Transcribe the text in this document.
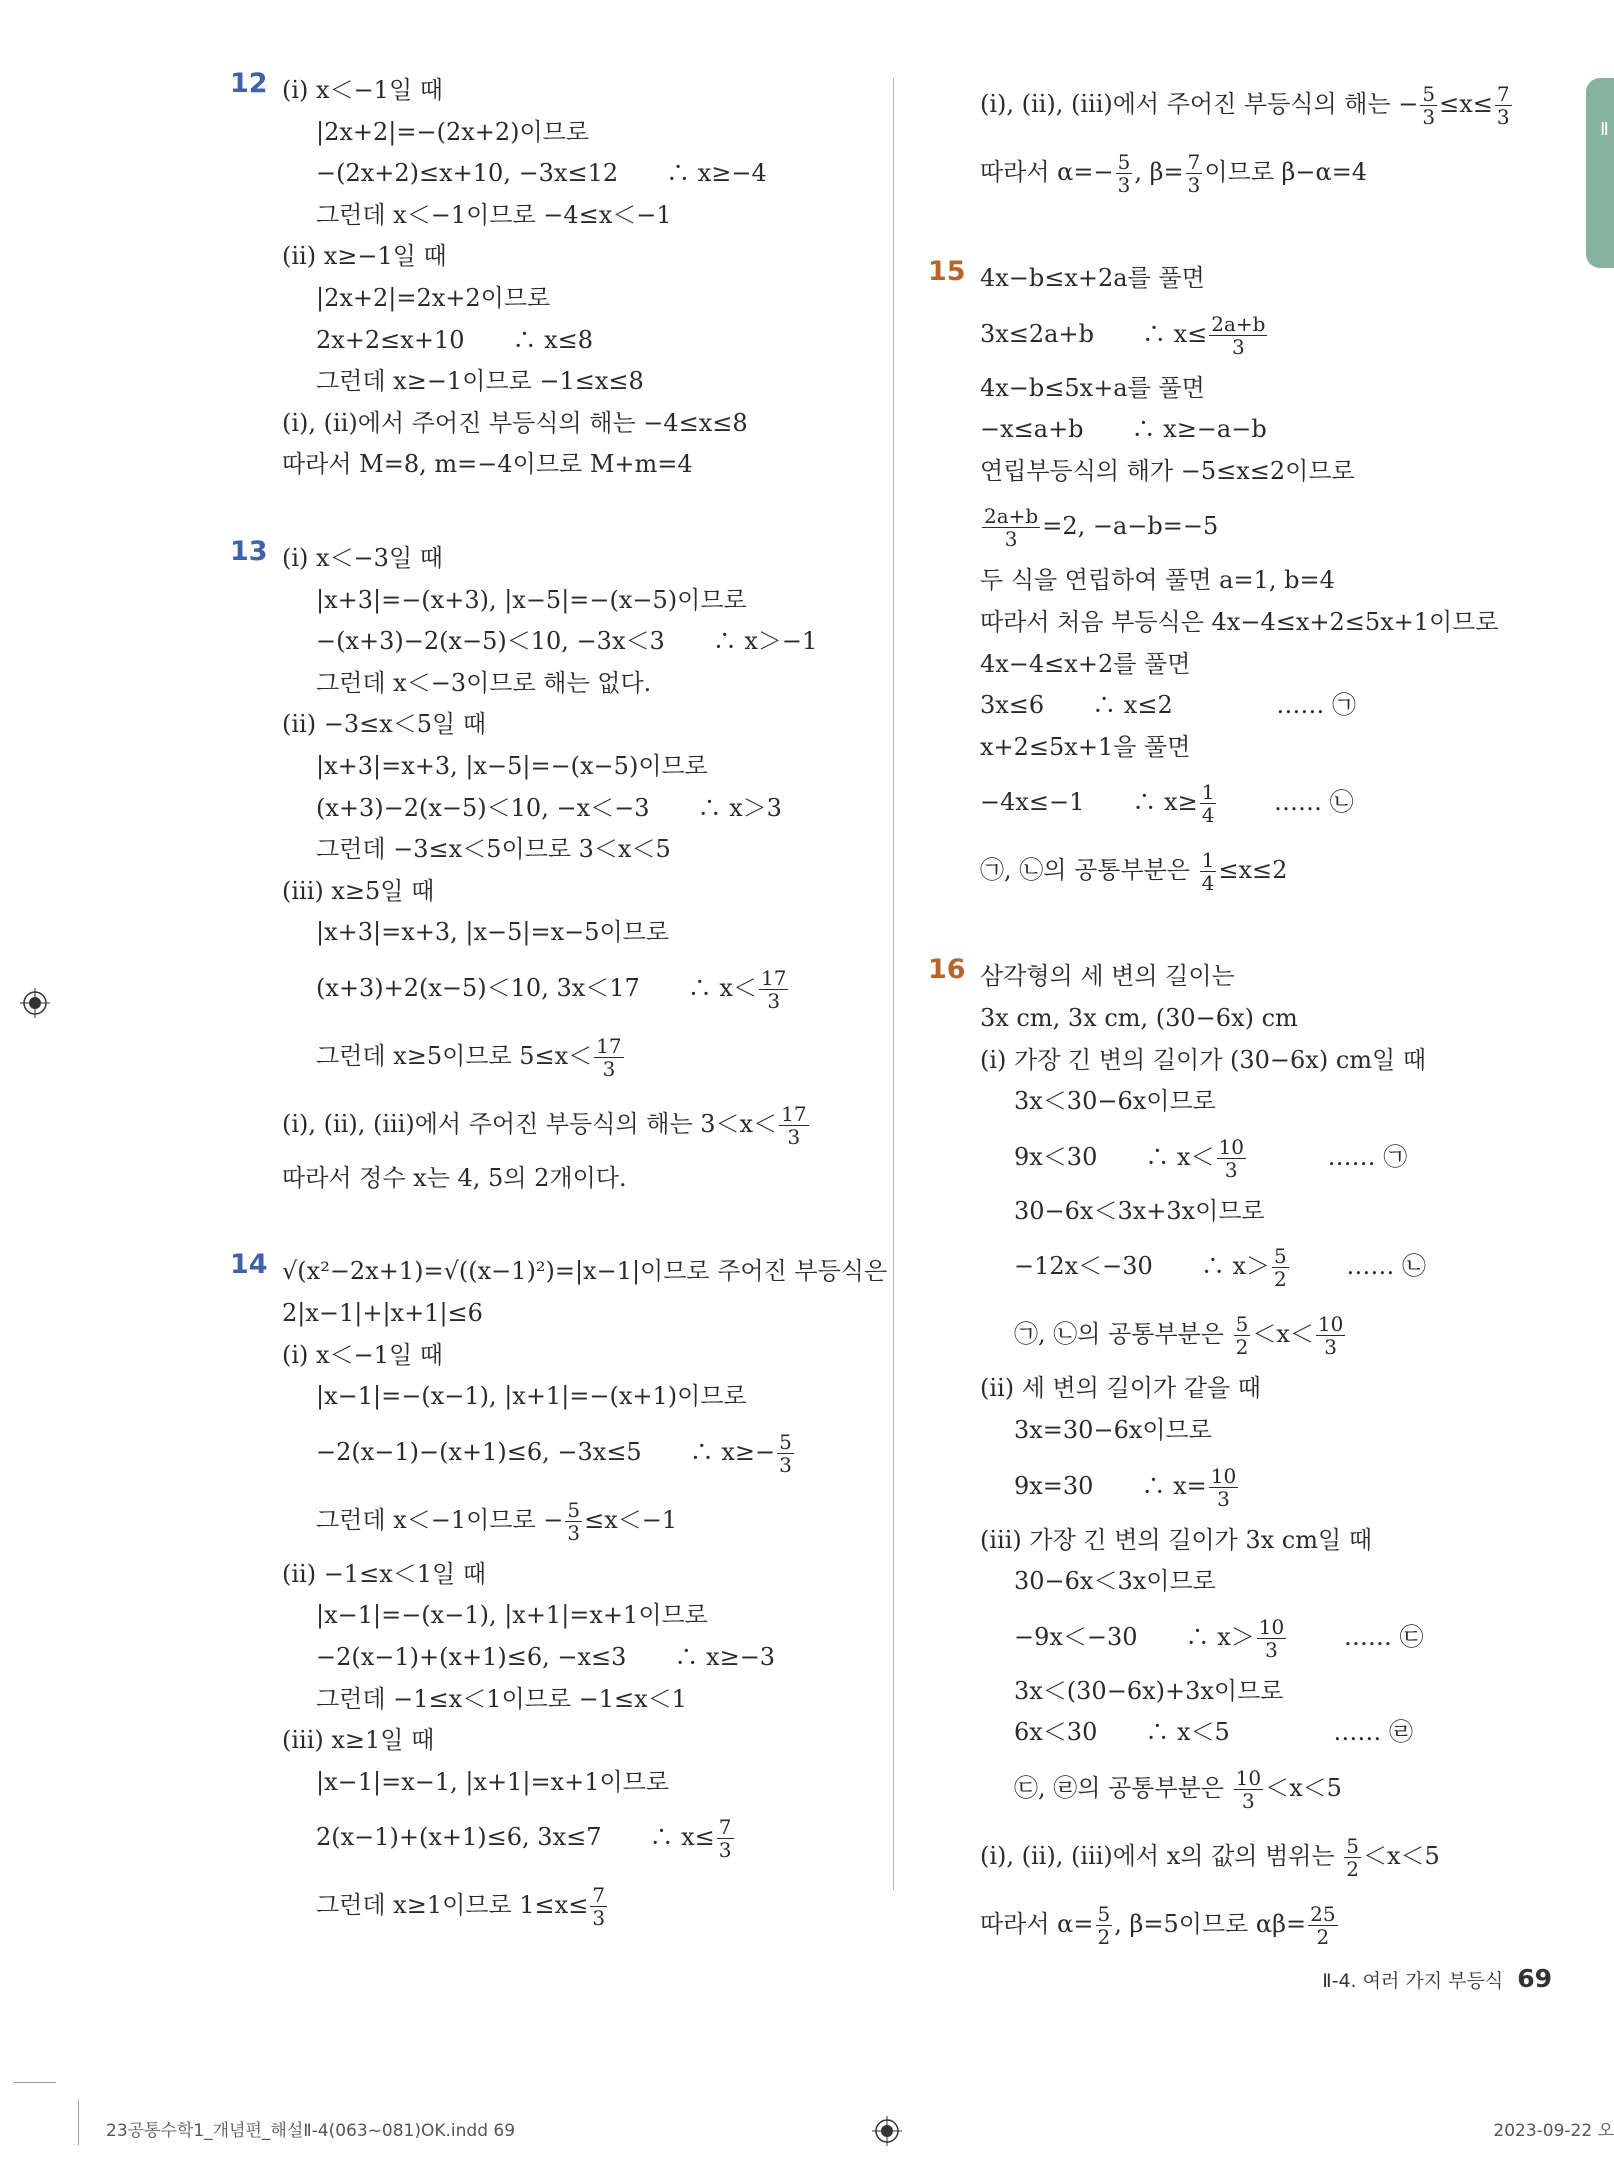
Ⅱ
12 (ⅰ) x＜−1일 때
|2x+2|=−(2x+2)이므로
−(2x+2)≤x+10, −3x≤12　　∴ x≥−4
그런데 x＜−1이므로 −4≤x＜−1
(ⅱ) x≥−1일 때
|2x+2|=2x+2이므로
2x+2≤x+10　　∴ x≤8
그런데 x≥−1이므로 −1≤x≤8
(ⅰ), (ⅱ)에서 주어진 부등식의 해는 −4≤x≤8
따라서 M=8, m=−4이므로 M+m=4
13 (ⅰ) x＜−3일 때
|x+3|=−(x+3), |x−5|=−(x−5)이므로
−(x+3)−2(x−5)＜10, −3x＜3　　∴ x＞−1
그런데 x＜−3이므로 해는 없다.
(ⅱ) −3≤x＜5일 때
|x+3|=x+3, |x−5|=−(x−5)이므로
(x+3)−2(x−5)＜10, −x＜−3　　∴ x＞3
그런데 −3≤x＜5이므로 3＜x＜5
(ⅲ) x≥5일 때
|x+3|=x+3, |x−5|=x−5이므로
(x+3)+2(x−5)＜10, 3x＜17　　∴ $x< \frac{17}{3}$
그런데 x≥5이므로 $5\le x< \frac{17}{3}$
(ⅰ), (ⅱ), (ⅲ)에서 주어진 부등식의 해는 $3<x< \frac{17}{3}$
따라서 정수 x는 4, 5의 2개이다.
14 √(x²−2x+1)=√((x−1)²)=|x−1|이므로 주어진 부등식은
2|x−1|+|x+1|≤6
(ⅰ) x＜−1일 때
|x−1|=−(x−1), |x+1|=−(x+1)이므로
−2(x−1)−(x+1)≤6, −3x≤5　　∴ $x\ge- \frac{5}{3}$
그런데 x＜−1이므로 − $\frac{5}{3} \le x<-1$
(ⅱ) −1≤x＜1일 때
|x−1|=−(x−1), |x+1|=x+1이므로
−2(x−1)+(x+1)≤6, −x≤3　　∴ x≥−3
그런데 −1≤x＜1이므로 −1≤x＜1
(ⅲ) x≥1일 때
|x−1|=x−1, |x+1|=x+1이므로
2(x−1)+(x+1)≤6, 3x≤7　　∴ $x\le \frac{7}{3}$
그런데 x≥1이므로 $1\le x\le \frac{7}{3}$
(ⅰ), (ⅱ), (ⅲ)에서 주어진 부등식의 해는 − $\frac{5}{3} \le x\le \frac{7}{3}$
따라서 $\alpha=- \frac{5}{3}$ , $\beta= \frac{7}{3}$ 이므로 β−α=4
15 4x−b≤x+2a를 풀면
3x≤2a+b　　∴ $x\le \frac{2a+b}{3}$
4x−b≤5x+a를 풀면
−x≤a+b　　∴ x≥−a−b
연립부등식의 해가 −5≤x≤2이므로
$\frac{2a+b}{3} =2$, −a−b=−5
두 식을 연립하여 풀면 a=1, b=4
따라서 처음 부등식은 4x−4≤x+2≤5x+1이므로
4x−4≤x+2를 풀면
3x≤6　　∴ x≤2　　　　 …… ㉠
x+2≤5x+1을 풀면
−4x≤−1　　∴ $x\ge \frac{1}{4}$ 　　 …… ㉡
㉠, ㉡의 공통부분은 $\frac{1}{4} \le x\le 2$
16 삼각형의 세 변의 길이는
3x cm, 3x cm, (30−6x) cm
(ⅰ) 가장 긴 변의 길이가 (30−6x) cm일 때
3x＜30−6x이므로
9x＜30　　∴ $x< \frac{10}{3}$ 　　　 …… ㉠
30−6x＜3x+3x이므로
−12x＜−30　　∴ $x> \frac{5}{2}$ 　　 …… ㉡
㉠, ㉡의 공통부분은 $\frac{5}{2} <x< \frac{10}{3}$
(ⅱ) 세 변의 길이가 같을 때
3x=30−6x이므로
9x=30　　∴ $x= \frac{10}{3}$
(ⅲ) 가장 긴 변의 길이가 3x cm일 때
30−6x＜3x이므로
−9x＜−30　　∴ $x> \frac{10}{3}$ 　　 …… ㉢
3x＜(30−6x)+3x이므로
6x＜30　　∴ x＜5　　　　 …… ㉣
㉢, ㉣의 공통부분은 $\frac{10}{3} <x<5$
(ⅰ), (ⅱ), (ⅲ)에서 x의 값의 범위는 $\frac{5}{2} <x<5$
따라서 $\alpha= \frac{5}{2}$ , β=5이므로 $\alpha\beta= \frac{25}{2}$
Ⅱ-4. 여러 가지 부등식 69
23공통수학1_개념편_해설Ⅱ-4(063~081)OK.indd 69	2023-09-22 오
